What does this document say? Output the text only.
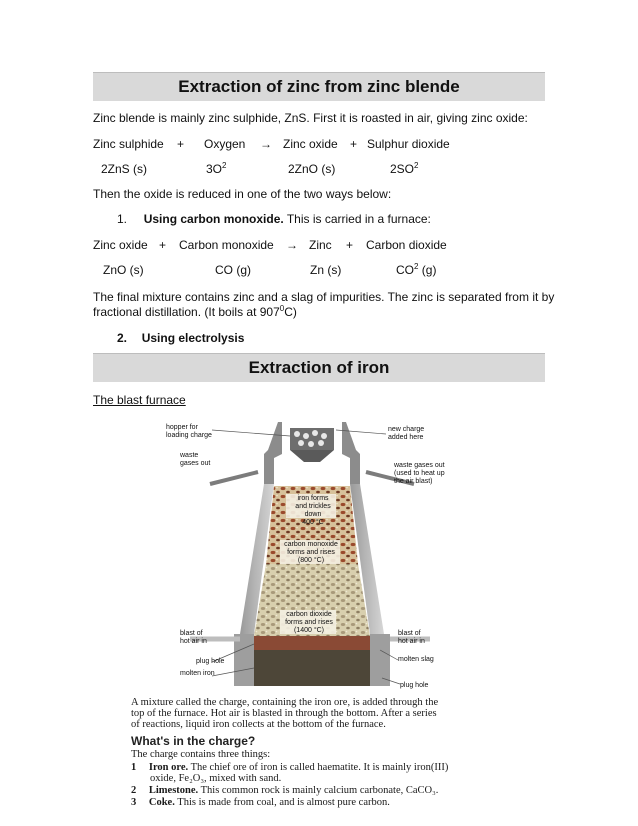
Extraction of zinc from zinc blende
Zinc blende is mainly zinc sulphide, ZnS. First it is roasted in air, giving zinc oxide:
Zinc sulphide + Oxygen → Zinc oxide + Sulphur dioxide
2ZnS (s)	$3O^2$	2ZnO (s)	$2SO^2$
Then the oxide is reduced in one of the two ways below:
1. Using carbon monoxide. This is carried in a furnace:
Zinc oxide + Carbon monoxide → Zinc + Carbon dioxide
ZnO (s)	CO (g)	Zn (s)	$CO^2$ (g)
The final mixture contains zinc and a slag of impurities. The zinc is separated from it by
fractional distillation. (It boils at $907^0C$)
2. Using electrolysis
Extraction of iron
The blast furnace
hopper for
loading charge
new charge
added here
waste
gases out	waste gases out
(used to heat up
the air blast)
iron forms
and trickles down
400 °C
carbon monoxide
forms and rises
(800 °C)
carbon dioxide
forms and rises
(1400 °C)
blast of
hot air in
blast of
hot air in
plug hole	molten slag
molten iron
plug hole
A mixture called the charge, containing the iron ore, is added through the
top of the furnace. Hot air is blasted in through the bottom. After a series
of reactions, liquid iron collects at the bottom of the furnace.
What's in the charge?
The charge contains three things:
1 Iron ore. The chief ore of iron is called haematite. It is mainly iron(III)
oxide, Fe₂O₃, mixed with sand.
2 Limestone. This common rock is mainly calcium carbonate, CaCO₃.
3 Coke. This is made from coal, and is almost pure carbon.
